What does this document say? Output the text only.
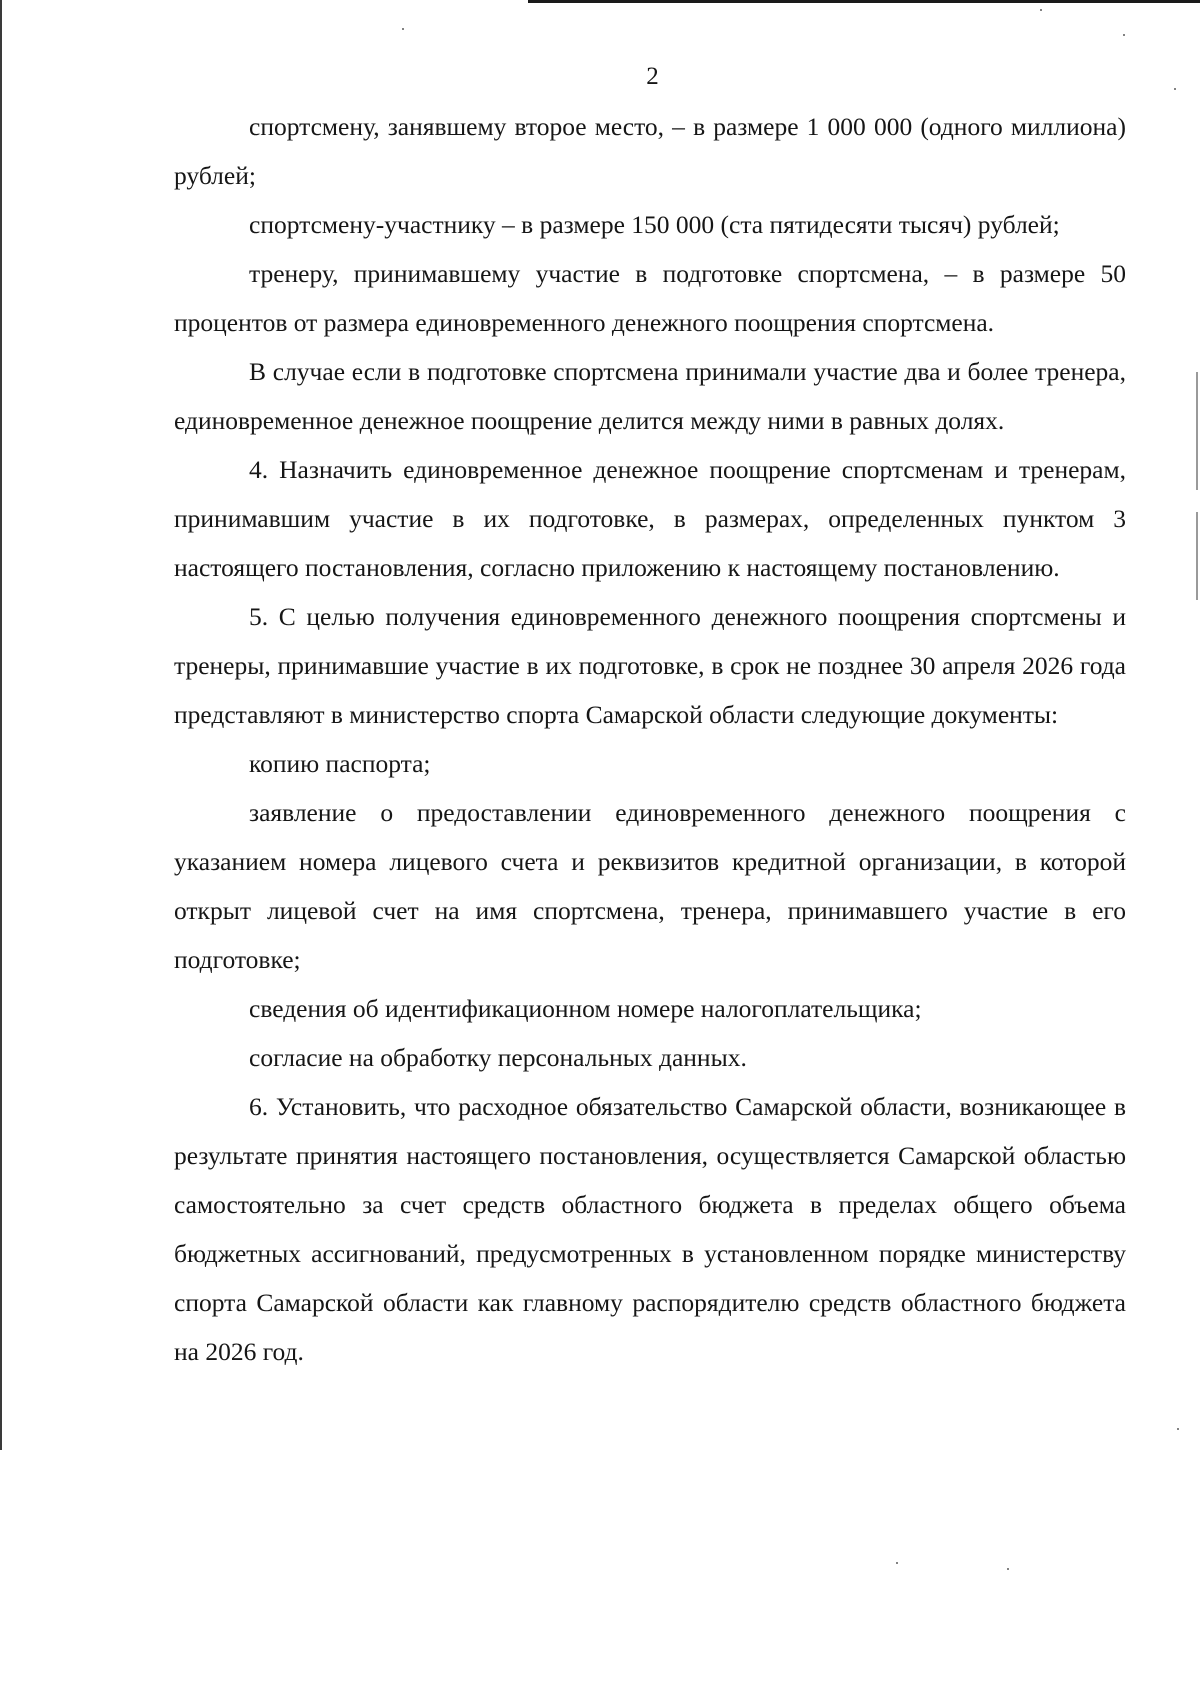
2

спортсмену, занявшему второе место, – в размере 1 000 000 (одного миллиона) рублей;

спортсмену-участнику – в размере 150 000 (ста пятидесяти тысяч) рублей;

тренеру, принимавшему участие в подготовке спортсмена, – в размере 50 процентов от размера единовременного денежного поощрения спортсмена.

В случае если в подготовке спортсмена принимали участие два и более тренера, единовременное денежное поощрение делится между ними в равных долях.

4. Назначить единовременное денежное поощрение спортсменам и тренерам, принимавшим участие в их подготовке, в размерах, определенных пунктом 3 настоящего постановления, согласно приложению к настоящему постановлению.

5. С целью получения единовременного денежного поощрения спортсмены и тренеры, принимавшие участие в их подготовке, в срок не позднее 30 апреля 2026 года представляют в министерство спорта Самарской области следующие документы:

копию паспорта;

заявление о предоставлении единовременного денежного поощрения с указанием номера лицевого счета и реквизитов кредитной организации, в которой открыт лицевой счет на имя спортсмена, тренера, принимавшего участие в его подготовке;

сведения об идентификационном номере налогоплательщика;

согласие на обработку персональных данных.

6. Установить, что расходное обязательство Самарской области, возникающее в результате принятия настоящего постановления, осуществляется Самарской областью самостоятельно за счет средств областного бюджета в пределах общего объема бюджетных ассигнований, предусмотренных в установленном порядке министерству спорта Самарской области как главному распорядителю средств областного бюджета на 2026 год.
